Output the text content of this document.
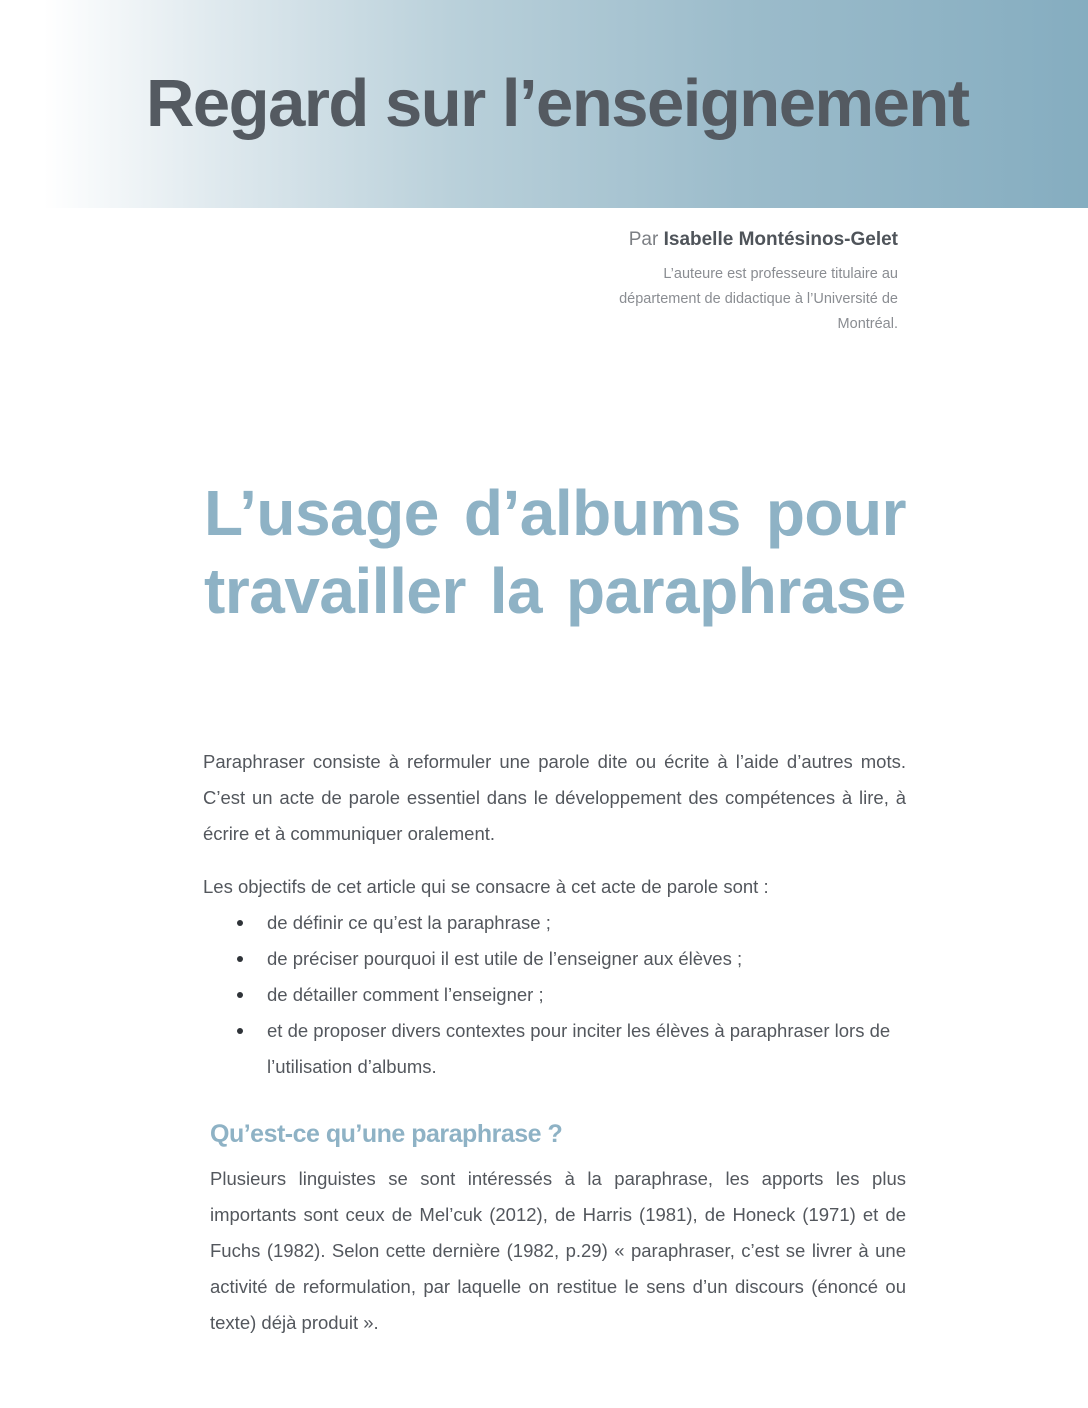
Regard sur l’enseignement

Par Isabelle Montésinos-Gelet

L’auteure est professeure titulaire au
département de didactique à l’Université de
Montréal.

L’usage d’albums pour
travailler la paraphrase

Paraphraser consiste à reformuler une parole dite ou écrite à l’aide d’autres mots. C’est un acte de parole essentiel dans le développement des compétences à lire, à écrire et à communiquer oralement.

Les objectifs de cet article qui se consacre à cet acte de parole sont :

de définir ce qu’est la paraphrase ;
de préciser pourquoi il est utile de l’enseigner aux élèves ;
de détailler comment l’enseigner ;
et de proposer divers contextes pour inciter les élèves à paraphraser lors de l’utilisation d’albums.
Qu’est-ce qu’une paraphrase ?

Plusieurs linguistes se sont intéressés à la paraphrase, les apports les plus importants sont ceux de Mel’cuk (2012), de Harris (1981), de Honeck (1971) et de Fuchs (1982). Selon cette dernière (1982, p.29) « paraphraser, c’est se livrer à une activité de reformulation, par laquelle on restitue le sens d’un discours (énoncé ou texte) déjà produit ».
